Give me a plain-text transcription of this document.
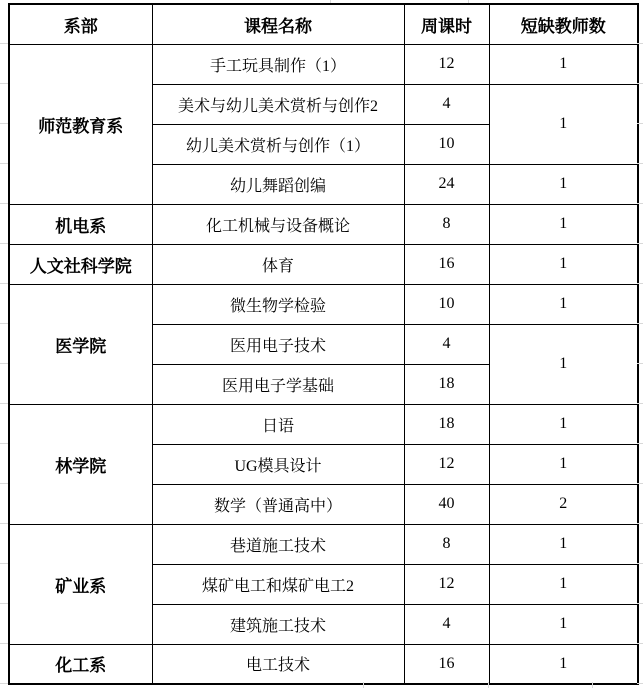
系部	课程名称	周课时	短缺教师数
师范教育系	手工玩具制作（1）	12	1
	美术与幼儿美术赏析与创作2	4	1
	幼儿美术赏析与创作（1）	10	
	幼儿舞蹈创编	24	1
机电系	化工机械与设备概论	8	1
人文社科学院	体育	16	1
医学院	微生物学检验	10	1
	医用电子技术	4	1
	医用电子学基础	18	
林学院	日语	18	1
	UG模具设计	12	1
	数学（普通高中）	40	2
矿业系	巷道施工技术	8	1
	煤矿电工和煤矿电工2	12	1
	建筑施工技术	4	1
化工系	电工技术	16	1
